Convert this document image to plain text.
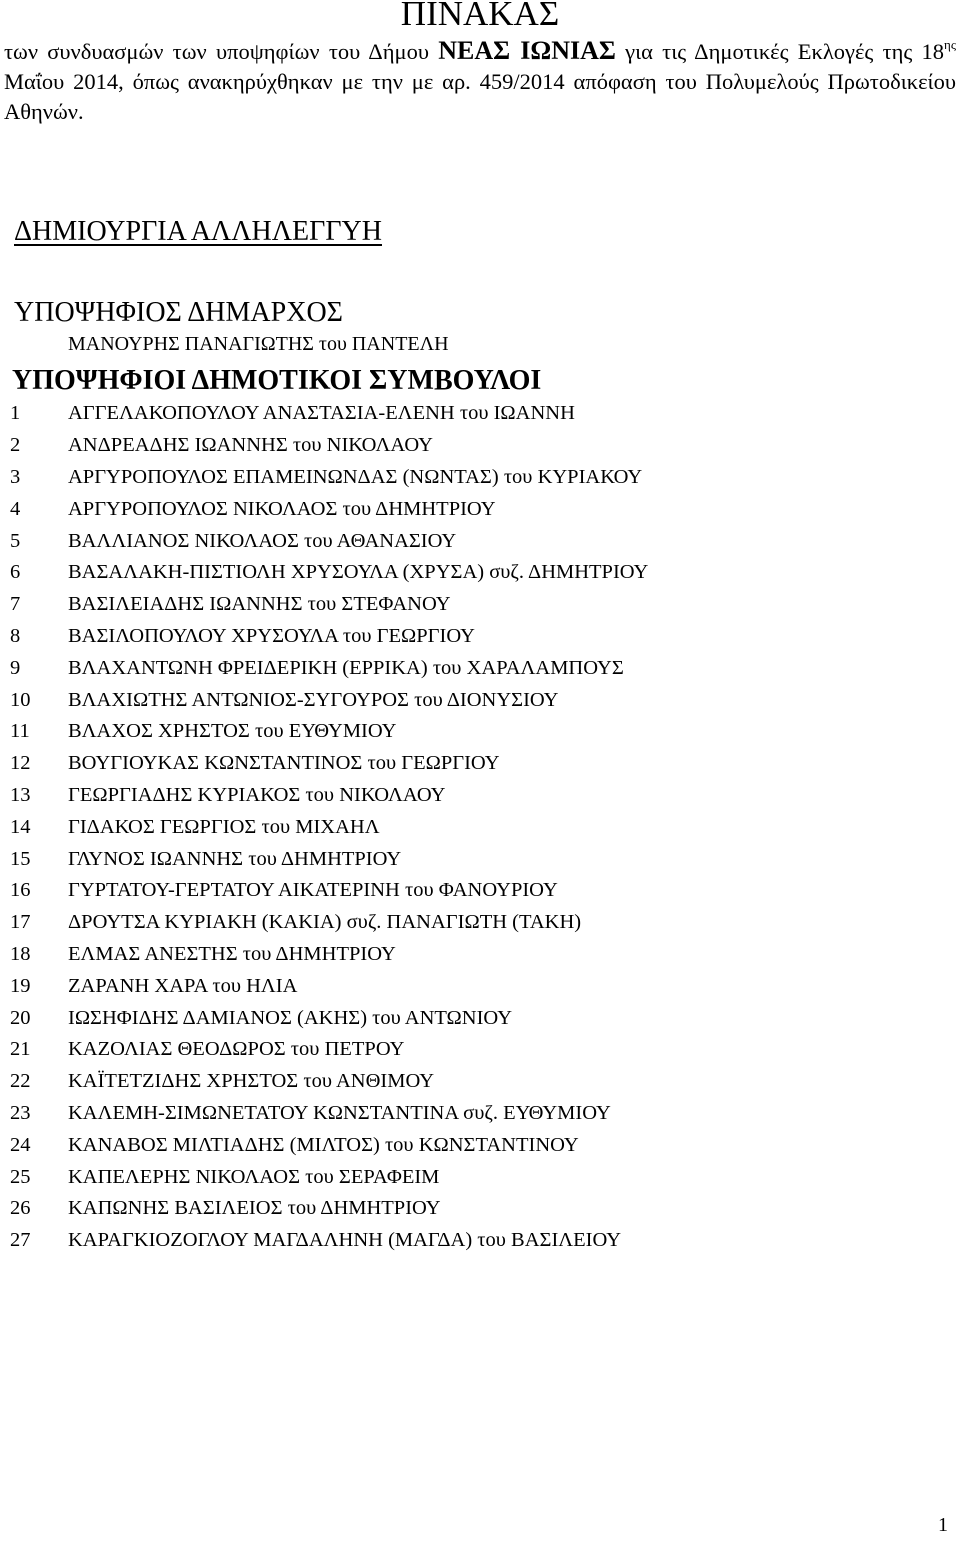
ΠΙΝΑΚΑΣ

των συνδυασμών των υποψηφίων του Δήμου ΝΕΑΣ ΙΩΝΙΑΣ για τις Δημοτικές Εκλογές της $18^{\eta\varsigma}$ Μαΐου 2014, όπως ανακηρύχθηκαν με την με αρ. 459/2014 απόφαση του Πολυμελούς Πρωτοδικείου Αθηνών.

ΔΗΜΙΟΥΡΓΙΑ ΑΛΛΗΛΕΓΓΥΗ
ΥΠΟΨΗΦΙΟΣ ΔΗΜΑΡΧΟΣ

ΜΑΝΟΥΡΗΣ ΠΑΝΑΓΙΩΤΗΣ του ΠΑΝΤΕΛΗ

ΥΠΟΨΗΦΙΟΙ ΔΗΜΟΤΙΚΟΙ ΣΥΜΒΟΥΛΟΙ
1	ΑΓΓΕΛΑΚΟΠΟΥΛΟΥ ΑΝΑΣΤΑΣΙΑ-ΕΛΕΝΗ του ΙΩΑΝΝΗ
2	ΑΝΔΡΕΑΔΗΣ ΙΩΑΝΝΗΣ του ΝΙΚΟΛΑΟΥ
3	ΑΡΓΥΡΟΠΟΥΛΟΣ ΕΠΑΜΕΙΝΩΝΔΑΣ (ΝΩΝΤΑΣ) του ΚΥΡΙΑΚΟΥ
4	ΑΡΓΥΡΟΠΟΥΛΟΣ ΝΙΚΟΛΑΟΣ του ΔΗΜΗΤΡΙΟΥ
5	ΒΑΛΛΙΑΝΟΣ ΝΙΚΟΛΑΟΣ του ΑΘΑΝΑΣΙΟΥ
6	ΒΑΣΑΛΑΚΗ-ΠΙΣΤΙΟΛΗ ΧΡΥΣΟΥΛΑ (ΧΡΥΣΑ) συζ. ΔΗΜΗΤΡΙΟΥ
7	ΒΑΣΙΛΕΙΑΔΗΣ ΙΩΑΝΝΗΣ του ΣΤΕΦΑΝΟΥ
8	ΒΑΣΙΛΟΠΟΥΛΟΥ ΧΡΥΣΟΥΛΑ του ΓΕΩΡΓΙΟΥ
9	ΒΛΑΧΑΝΤΩΝΗ ΦΡΕΙΔΕΡΙΚΗ (ΕΡΡΙΚΑ) του ΧΑΡΑΛΑΜΠΟΥΣ
10	ΒΛΑΧΙΩΤΗΣ ΑΝΤΩΝΙΟΣ-ΣΥΓΟΥΡΟΣ του ΔΙΟΝΥΣΙΟΥ
11	ΒΛΑΧΟΣ ΧΡΗΣΤΟΣ του ΕΥΘΥΜΙΟΥ
12	ΒΟΥΓΙΟΥΚΑΣ ΚΩΝΣΤΑΝΤΙΝΟΣ του ΓΕΩΡΓΙΟΥ
13	ΓΕΩΡΓΙΑΔΗΣ ΚΥΡΙΑΚΟΣ του ΝΙΚΟΛΑΟΥ
14	ΓΙΔΑΚΟΣ ΓΕΩΡΓΙΟΣ του ΜΙΧΑΗΛ
15	ΓΛΥΝΟΣ ΙΩΑΝΝΗΣ του ΔΗΜΗΤΡΙΟΥ
16	ΓΥΡΤΑΤΟΥ-ΓΕΡΤΑΤΟΥ ΑΙΚΑΤΕΡΙΝΗ του ΦΑΝΟΥΡΙΟΥ
17	ΔΡΟΥΤΣΑ ΚΥΡΙΑΚΗ (ΚΑΚΙΑ) συζ. ΠΑΝΑΓΙΩΤΗ (ΤΑΚΗ)
18	ΕΛΜΑΣ ΑΝΕΣΤΗΣ του ΔΗΜΗΤΡΙΟΥ
19	ΖΑΡΑΝΗ ΧΑΡΑ του ΗΛΙΑ
20	ΙΩΣΗΦΙΔΗΣ ΔΑΜΙΑΝΟΣ (ΑΚΗΣ) του ΑΝΤΩΝΙΟΥ
21	ΚΑΖΟΛΙΑΣ ΘΕΟΔΩΡΟΣ του ΠΕΤΡΟΥ
22	ΚΑΪΤΕΤΖΙΔΗΣ ΧΡΗΣΤΟΣ του ΑΝΘΙΜΟΥ
23	ΚΑΛΕΜΗ-ΣΙΜΩΝΕΤΑΤΟΥ ΚΩΝΣΤΑΝΤΙΝΑ συζ. ΕΥΘΥΜΙΟΥ
24	ΚΑΝΑΒΟΣ ΜΙΛΤΙΑΔΗΣ (ΜΙΛΤΟΣ) του ΚΩΝΣΤΑΝΤΙΝΟΥ
25	ΚΑΠΕΛΕΡΗΣ ΝΙΚΟΛΑΟΣ του ΣΕΡΑΦΕΙΜ
26	ΚΑΠΩΝΗΣ ΒΑΣΙΛΕΙΟΣ του ΔΗΜΗΤΡΙΟΥ
27	ΚΑΡΑΓΚΙΟΖΟΓΛΟΥ ΜΑΓΔΑΛΗΝΗ (ΜΑΓΔΑ) του ΒΑΣΙΛΕΙΟΥ

1
